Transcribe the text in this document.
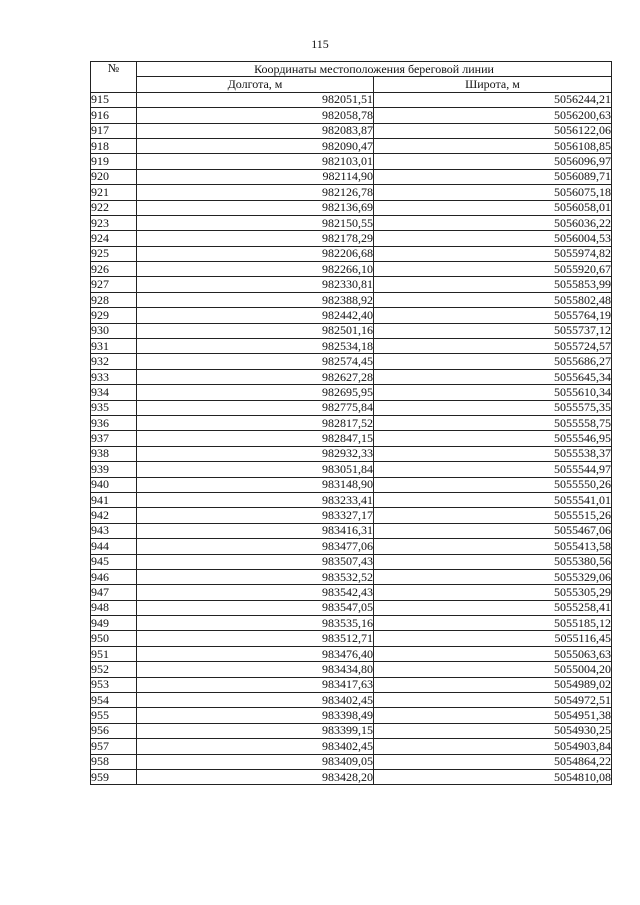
115
№	Координаты местоположения береговой линии	
	Долгота, м	Широта, м
915	982051,51	5056244,21
916	982058,78	5056200,63
917	982083,87	5056122,06
918	982090,47	5056108,85
919	982103,01	5056096,97
920	982114,90	5056089,71
921	982126,78	5056075,18
922	982136,69	5056058,01
923	982150,55	5056036,22
924	982178,29	5056004,53
925	982206,68	5055974,82
926	982266,10	5055920,67
927	982330,81	5055853,99
928	982388,92	5055802,48
929	982442,40	5055764,19
930	982501,16	5055737,12
931	982534,18	5055724,57
932	982574,45	5055686,27
933	982627,28	5055645,34
934	982695,95	5055610,34
935	982775,84	5055575,35
936	982817,52	5055558,75
937	982847,15	5055546,95
938	982932,33	5055538,37
939	983051,84	5055544,97
940	983148,90	5055550,26
941	983233,41	5055541,01
942	983327,17	5055515,26
943	983416,31	5055467,06
944	983477,06	5055413,58
945	983507,43	5055380,56
946	983532,52	5055329,06
947	983542,43	5055305,29
948	983547,05	5055258,41
949	983535,16	5055185,12
950	983512,71	5055116,45
951	983476,40	5055063,63
952	983434,80	5055004,20
953	983417,63	5054989,02
954	983402,45	5054972,51
955	983398,49	5054951,38
956	983399,15	5054930,25
957	983402,45	5054903,84
958	983409,05	5054864,22
959	983428,20	5054810,08
